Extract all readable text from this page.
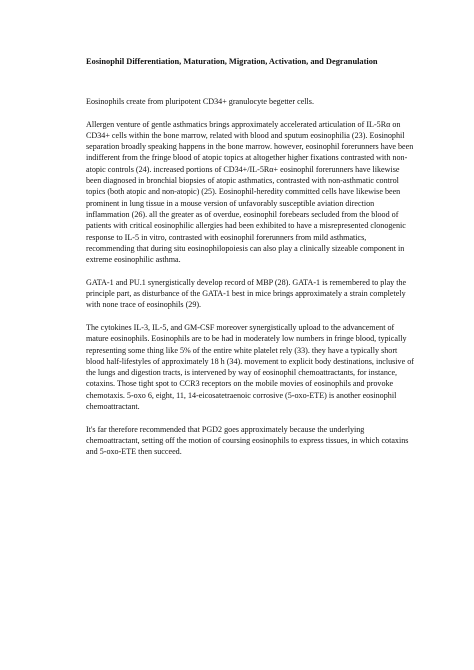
Eosinophil Differentiation, Maturation, Migration, Activation, and Degranulation

Eosinophils create from pluripotent CD34+ granulocyte begetter cells.

Allergen venture of gentle asthmatics brings approximately accelerated articulation of IL-5Rα on CD34+ cells within the bone marrow, related with blood and sputum eosinophilia (23). Eosinophil separation broadly speaking happens in the bone marrow. however, eosinophil forerunners have been indifferent from the fringe blood of atopic topics at altogether higher fixations contrasted with non-atopic controls (24). increased portions of CD34+/IL-5Rα+ eosinophil forerunners have likewise been diagnosed in bronchial biopsies of atopic asthmatics, contrasted with non-asthmatic control topics (both atopic and non-atopic) (25). Eosinophil-heredity committed cells have likewise been prominent in lung tissue in a mouse version of unfavorably susceptible aviation direction inflammation (26). all the greater as of overdue, eosinophil forebears secluded from the blood of patients with critical eosinophilic allergies had been exhibited to have a misrepresented clonogenic response to IL-5 in vitro, contrasted with eosinophil forerunners from mild asthmatics, recommending that during situ eosinophilopoiesis can also play a clinically sizeable component in extreme eosinophilic asthma.

GATA-1 and PU.1 synergistically develop record of MBP (28). GATA-1 is remembered to play the principle part, as disturbance of the GATA-1 best in mice brings approximately a strain completely with none trace of eosinophils (29).

The cytokines IL-3, IL-5, and GM-CSF moreover synergistically upload to the advancement of mature eosinophils. Eosinophils are to be had in moderately low numbers in fringe blood, typically representing some thing like 5% of the entire white platelet rely (33). they have a typically short blood half-lifestyles of approximately 18 h (34). movement to explicit body destinations, inclusive of the lungs and digestion tracts, is intervened by way of eosinophil chemoattractants, for instance, cotaxins. Those tight spot to CCR3 receptors on the mobile movies of eosinophils and provoke chemotaxis. 5-oxo 6, eight, 11, 14-eicosatetraenoic corrosive (5-oxo-ETE) is another eosinophil chemoattractant.

It's far therefore recommended that PGD2 goes approximately because the underlying chemoattractant, setting off the motion of coursing eosinophils to express tissues, in which cotaxins and 5-oxo-ETE then succeed.
